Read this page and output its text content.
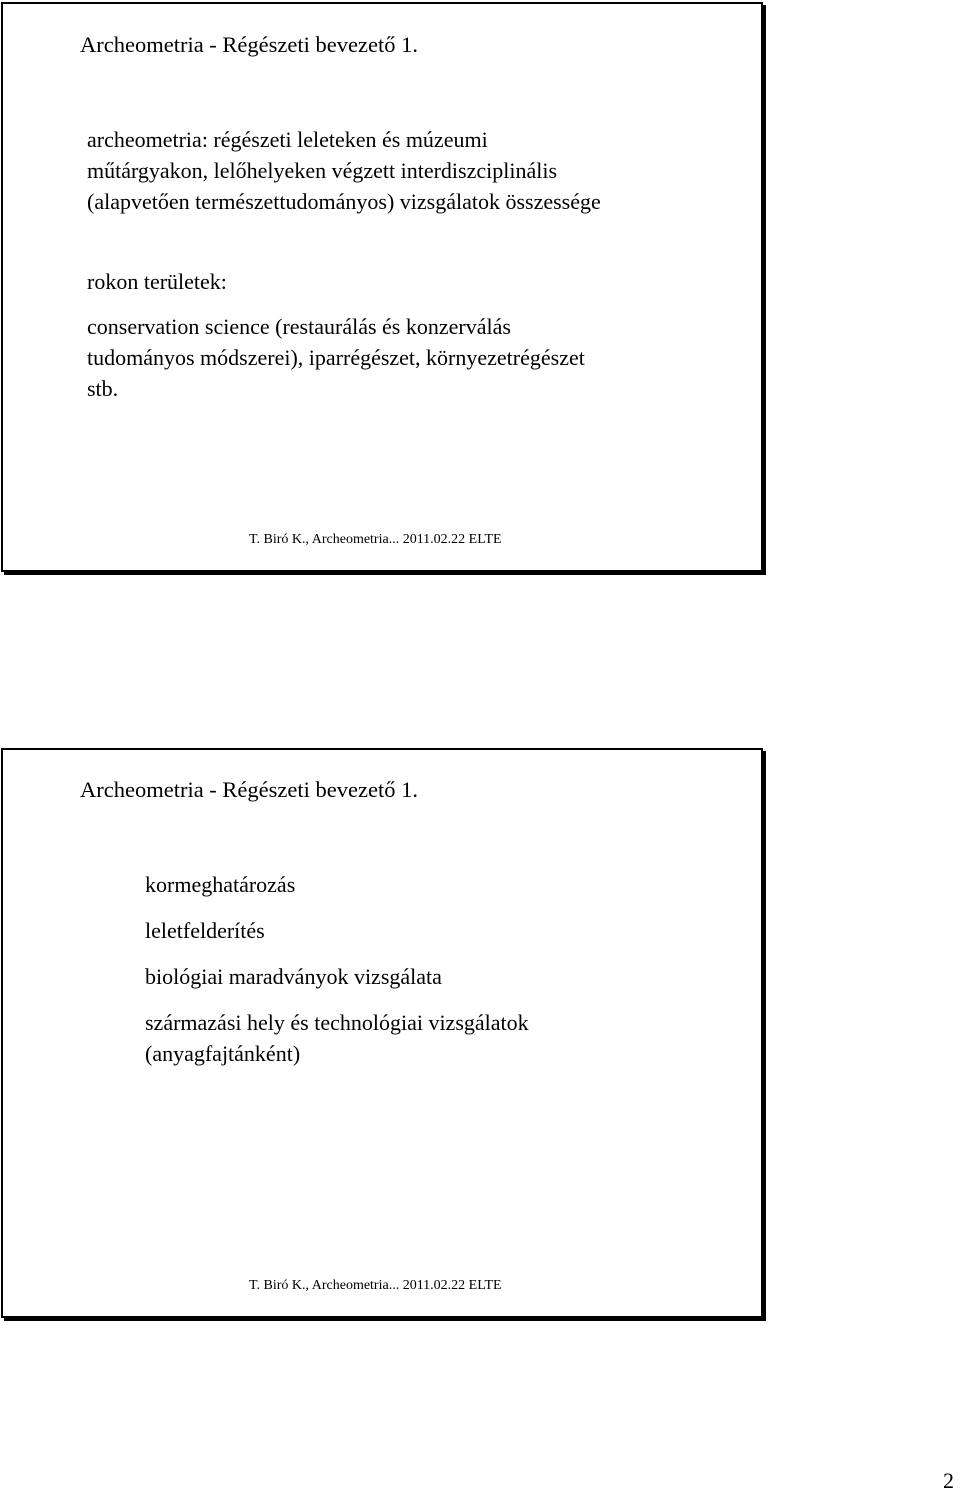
Archeometria - Régészeti bevezető 1.
archeometria: régészeti leleteken és múzeumi
műtárgyakon, lelőhelyeken végzett interdiszciplinális
(alapvetően természettudományos) vizsgálatok összessége
rokon területek:
conservation science (restaurálás és konzerválás
tudományos módszerei), iparrégészet, környezetrégészet
stb.
T. Biró K., Archeometria... 2011.02.22 ELTE
Archeometria - Régészeti bevezető 1.
kormeghatározás
leletfelderítés
biológiai maradványok vizsgálata
származási hely és technológiai vizsgálatok
(anyagfajtánként)
T. Biró K., Archeometria... 2011.02.22 ELTE
2
